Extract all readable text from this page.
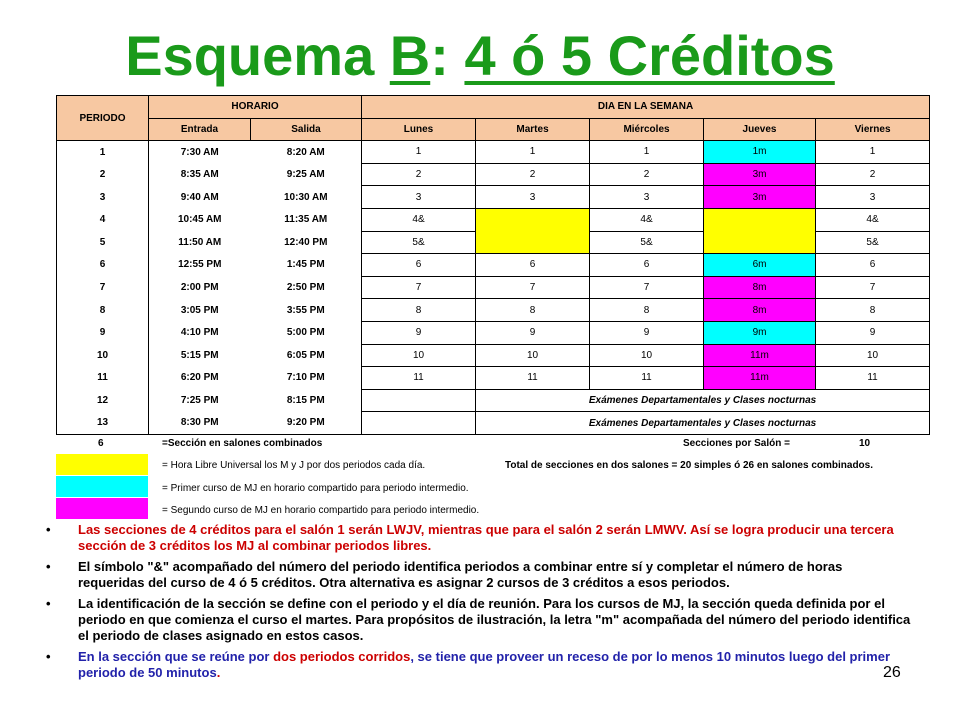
Esquema B: 4 ó 5 Créditos
PERIODO	HORARIO		DIA EN LA SEMANA				
	Entrada	Salida	Lunes	Martes	Miércoles	Jueves	Viernes
1	7:30 AM	8:20 AM	1	1	1	1m	1
2	8:35 AM	9:25 AM	2	2	2	3m	2
3	9:40 AM	10:30 AM	3	3	3	3m	3
4	10:45 AM	11:35 AM	4&		4&		4&
5	11:50 AM	12:40 PM	5&		5&		5&
6	12:55 PM	1:45 PM	6	6	6	6m	6
7	2:00 PM	2:50 PM	7	7	7	8m	7
8	3:05 PM	3:55 PM	8	8	8	8m	8
9	4:10 PM	5:00 PM	9	9	9	9m	9
10	5:15 PM	6:05 PM	10	10	10	11m	10
11	6:20 PM	7:10 PM	11	11	11	11m	11
12	7:25 PM	8:15 PM		Exámenes Departamentales y Clases nocturnas			
13	8:30 PM	9:20 PM		Exámenes Departamentales y Clases nocturnas			
6	=Sección en salones combinados	Secciones por Salón =	10
= Hora Libre Universal los M y J por dos periodos cada día.	Total de secciones en dos salones = 20 simples ó 26 en salones combinados.
= Primer curso de MJ en horario compartido para periodo intermedio.
= Segundo curso de MJ en horario compartido para periodo intermedio.
• Las secciones de 4 créditos para el salón 1 serán LWJV, mientras que para el salón 2 serán LMWV. Así se logra producir una tercera sección de 3 créditos los MJ al combinar periodos libres.
• El símbolo "&" acompañado del número del periodo identifica periodos a combinar entre sí y completar el número de horas requeridas del curso de 4 ó 5 créditos. Otra alternativa es asignar 2 cursos de 3 créditos a esos periodos.
• La identificación de la sección se define con el periodo y el día de reunión. Para los cursos de MJ, la sección queda definida por el periodo en que comienza el curso el martes. Para propósitos de ilustración, la letra "m" acompañada del número del periodo identifica el periodo de clases asignado en estos casos.
• En la sección que se reúne por dos periodos corridos, se tiene que proveer un receso de por lo menos 10 minutos luego del primer periodo de 50 minutos.	26
